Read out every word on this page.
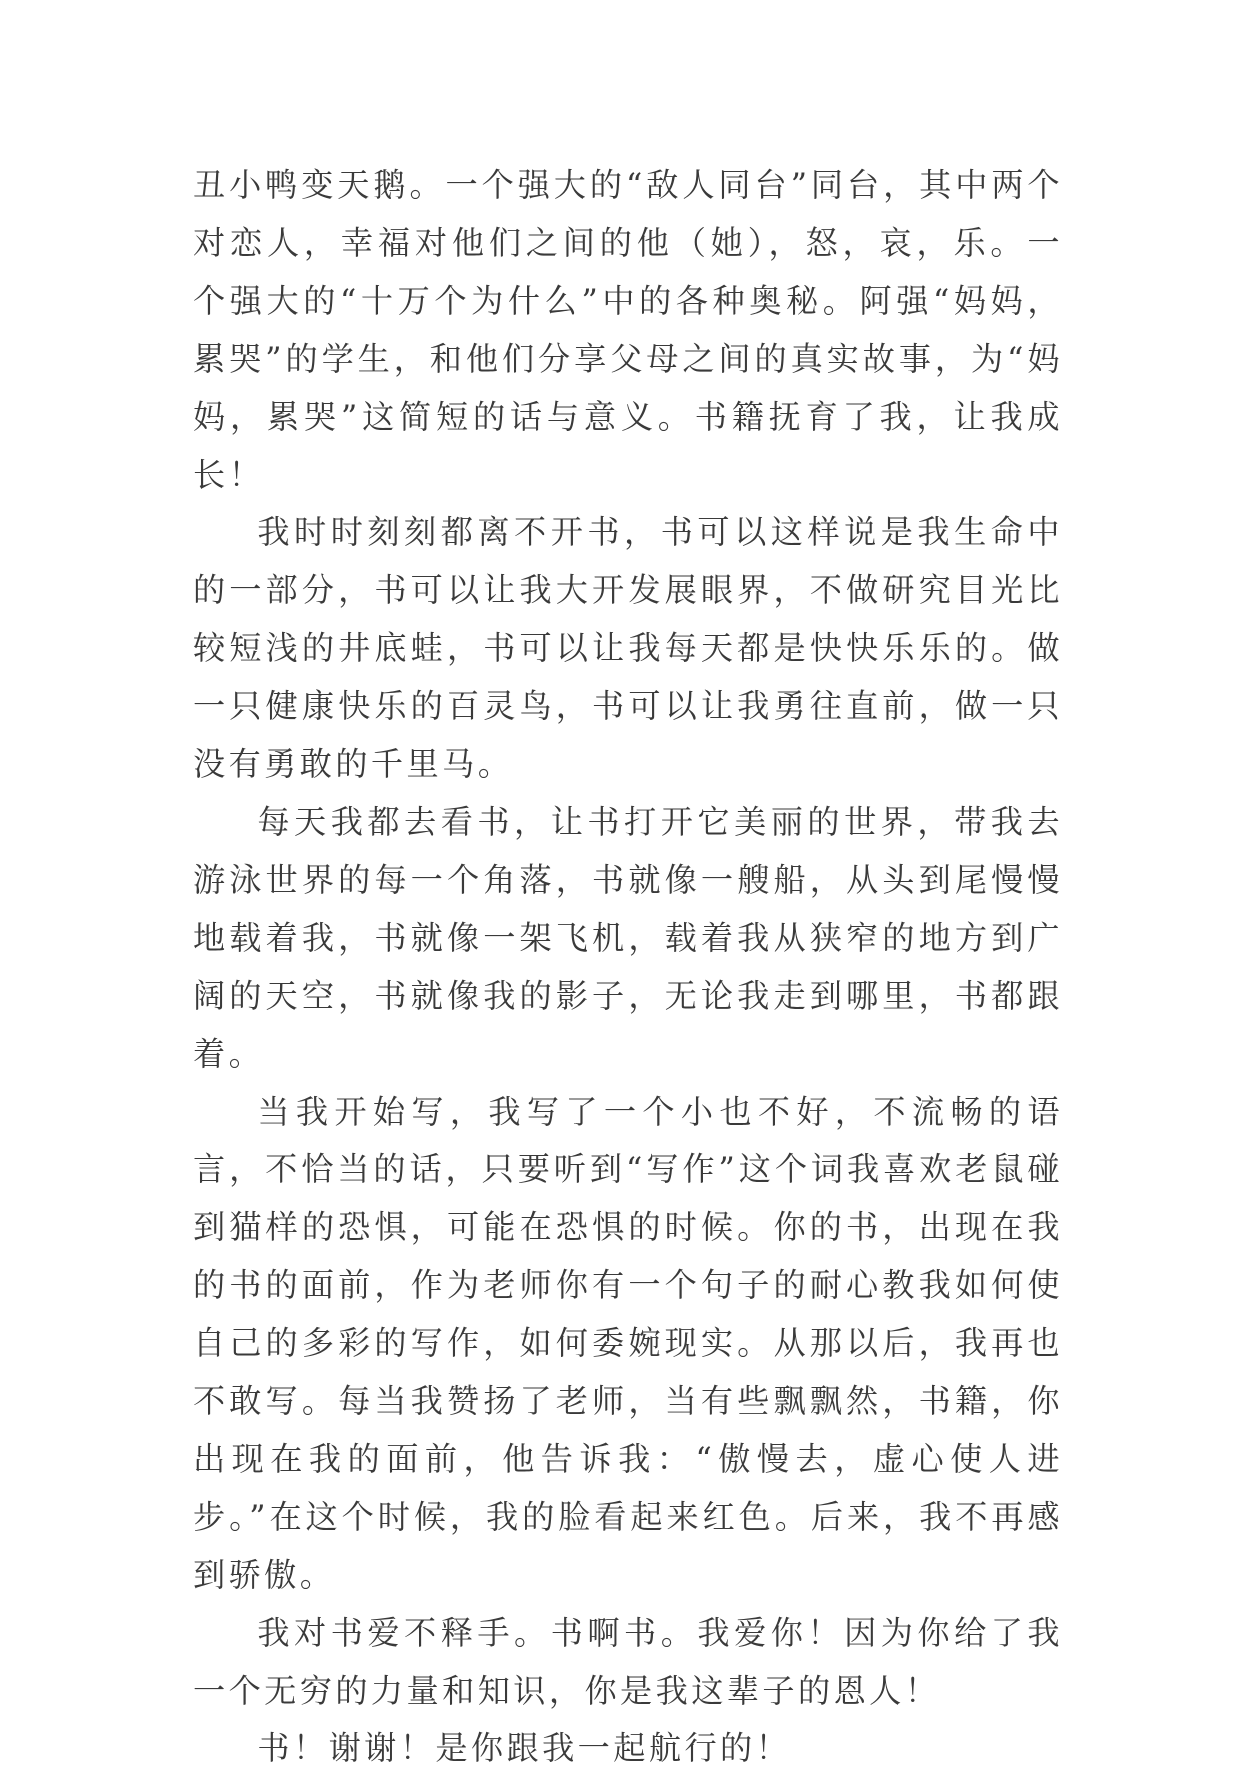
丑小鸭变天鹅。一个强大的“敌人同台”同台，其中两个对恋人，幸福对他们之间的他（她），怒，哀，乐。一个强大的“十万个为什么”中的各种奥秘。阿强“妈妈，累哭”的学生，和他们分享父母之间的真实故事，为“妈妈，累哭”这简短的话与意义。书籍抚育了我，让我成长！

我时时刻刻都离不开书，书可以这样说是我生命中的一部分，书可以让我大开发展眼界，不做研究目光比较短浅的井底蛙，书可以让我每天都是快快乐乐的。做一只健康快乐的百灵鸟，书可以让我勇往直前，做一只没有勇敢的千里马。

每天我都去看书，让书打开它美丽的世界，带我去游泳世界的每一个角落，书就像一艘船，从头到尾慢慢地载着我，书就像一架飞机，载着我从狭窄的地方到广阔的天空，书就像我的影子，无论我走到哪里，书都跟着。

当我开始写，我写了一个小也不好，不流畅的语言，不恰当的话，只要听到“写作”这个词我喜欢老鼠碰到猫样的恐惧，可能在恐惧的时候。你的书，出现在我的书的面前，作为老师你有一个句子的耐心教我如何使自己的多彩的写作，如何委婉现实。从那以后，我再也不敢写。每当我赞扬了老师，当有些飘飘然，书籍，你出现在我的面前，他告诉我：“傲慢去，虚心使人进步。”在这个时候，我的脸看起来红色。后来，我不再感到骄傲。

我对书爱不释手。书啊书。我爱你！因为你给了我一个无穷的力量和知识，你是我这辈子的恩人！

书！谢谢！是你跟我一起航行的！
